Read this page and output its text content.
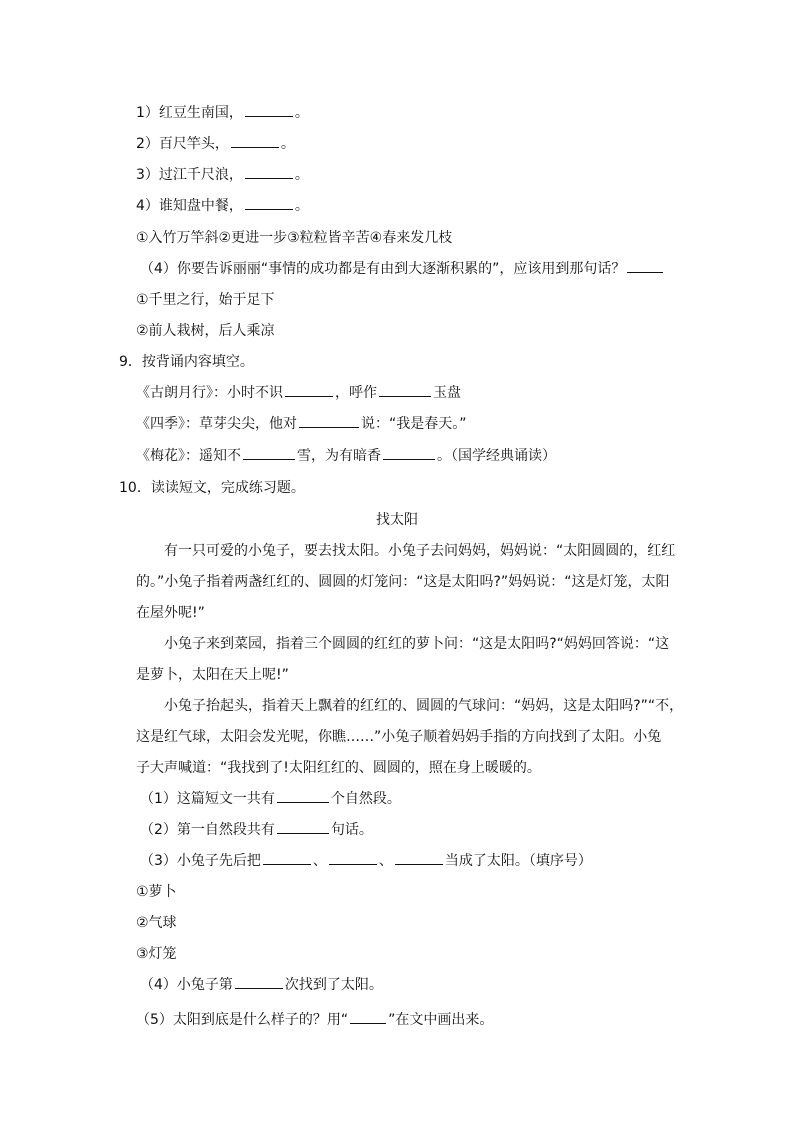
1）红豆生南国，	。
2）百尺竿头，	。
3）过江千尺浪，	。
4）谁知盘中餐，	。
①入竹万竿斜②更进一步③粒粒皆辛苦④春来发几枝
（4）你要告诉丽丽“事情的成功都是有由到大逐渐积累的”，应该用到那句话？
①千里之行，始于足下
②前人栽树，后人乘凉
9．按背诵内容填空。
《古朗月行》：小时不识	，呼作	玉盘
《四季》：草芽尖尖，他对	说：“我是春天。”
《梅花》：遥知不	雪，为有暗香	。（国学经典诵读）
10．读读短文，完成练习题。
找太阳
有一只可爱的小兔子，要去找太阳。小兔子去问妈妈，妈妈说：“太阳圆圆的，红红
的。”小兔子指着两盏红红的、圆圆的灯笼问：“这是太阳吗?”妈妈说：“这是灯笼，太阳
在屋外呢!”
小兔子来到菜园，指着三个圆圆的红红的萝卜问：“这是太阳吗?“妈妈回答说：“这
是萝卜，太阳在天上呢!”
小兔子抬起头，指着天上飘着的红红的、圆圆的气球问：“妈妈，这是太阳吗?”“不，
这是红气球，太阳会发光呢，你瞧……”小兔子顺着妈妈手指的方向找到了太阳。小兔
子大声喊道：“我找到了!太阳红红的、圆圆的，照在身上暖暖的。
（1）这篇短文一共有	个自然段。
（2）第一自然段共有	句话。
（3）小兔子先后把	、	、	当成了太阳。（填序号）
①萝卜
②气球
③灯笼
（4）小兔子第	次找到了太阳。
（5）太阳到底是什么样子的？用“	”在文中画出来。
